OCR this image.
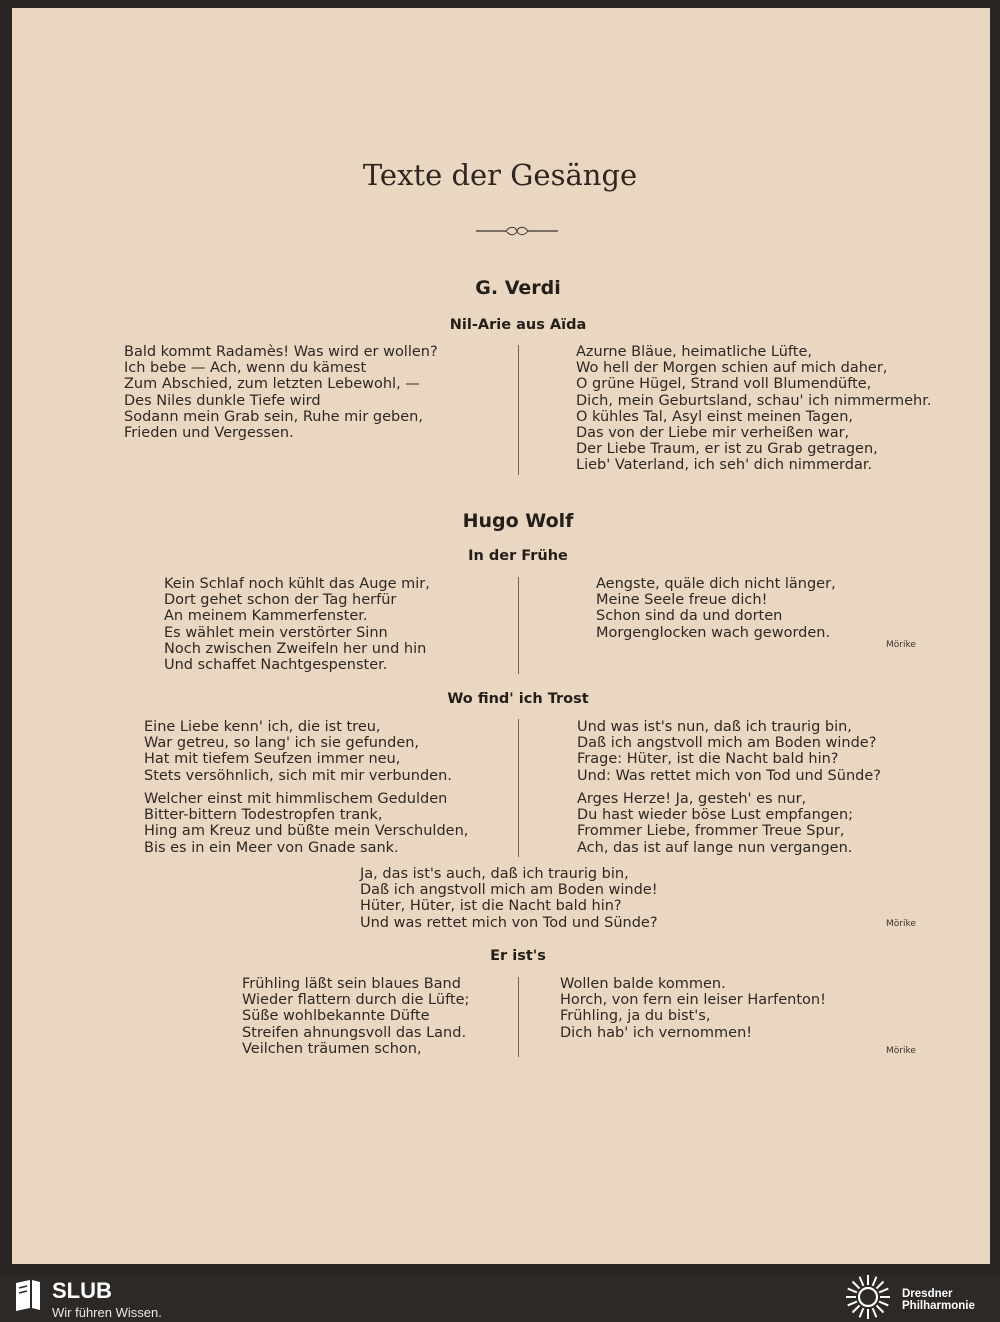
Texte der Gesänge
G. Verdi
Nil-Arie aus Aïda
Bald kommt Radamès! Was wird er wollen?
Ich bebe — Ach, wenn du kämest
Zum Abschied, zum letzten Lebewohl, —
Des Niles dunkle Tiefe wird
Sodann mein Grab sein, Ruhe mir geben,
Frieden und Vergessen.
Azurne Bläue, heimatliche Lüfte,
Wo hell der Morgen schien auf mich daher,
O grüne Hügel, Strand voll Blumendüfte,
Dich, mein Geburtsland, schau' ich nimmermehr.
O kühles Tal, Asyl einst meinen Tagen,
Das von der Liebe mir verheißen war,
Der Liebe Traum, er ist zu Grab getragen,
Lieb' Vaterland, ich seh' dich nimmerdar.
Hugo Wolf
In der Frühe
Kein Schlaf noch kühlt das Auge mir,
Dort gehet schon der Tag herfür
An meinem Kammerfenster.
Es wählet mein verstörter Sinn
Noch zwischen Zweifeln her und hin
Und schaffet Nachtgespenster.
Aengste, quäle dich nicht länger,
Meine Seele freue dich!
Schon sind da und dorten
Morgenglocken wach geworden.
Mörike
Wo find' ich Trost
Eine Liebe kenn' ich, die ist treu,
War getreu, so lang' ich sie gefunden,
Hat mit tiefem Seufzen immer neu,
Stets versöhnlich, sich mit mir verbunden.
Welcher einst mit himmlischem Gedulden
Bitter-bittern Todestropfen trank,
Hing am Kreuz und büßte mein Verschulden,
Bis es in ein Meer von Gnade sank.
Und was ist's nun, daß ich traurig bin,
Daß ich angstvoll mich am Boden winde?
Frage: Hüter, ist die Nacht bald hin?
Und: Was rettet mich von Tod und Sünde?
Arges Herze! Ja, gesteh' es nur,
Du hast wieder böse Lust empfangen;
Frommer Liebe, frommer Treue Spur,
Ach, das ist auf lange nun vergangen.
Ja, das ist's auch, daß ich traurig bin,
Daß ich angstvoll mich am Boden winde!
Hüter, Hüter, ist die Nacht bald hin?
Und was rettet mich von Tod und Sünde?	Mörike
Er ist's
Frühling läßt sein blaues Band
Wieder flattern durch die Lüfte;
Süße wohlbekannte Düfte
Streifen ahnungsvoll das Land.
Veilchen träumen schon,
Wollen balde kommen.
Horch, von fern ein leiser Harfenton!
Frühling, ja du bist's,
Dich hab' ich vernommen!
Mörike
SLUB
Wir führen Wissen.
Dresdner
Philharmonie
